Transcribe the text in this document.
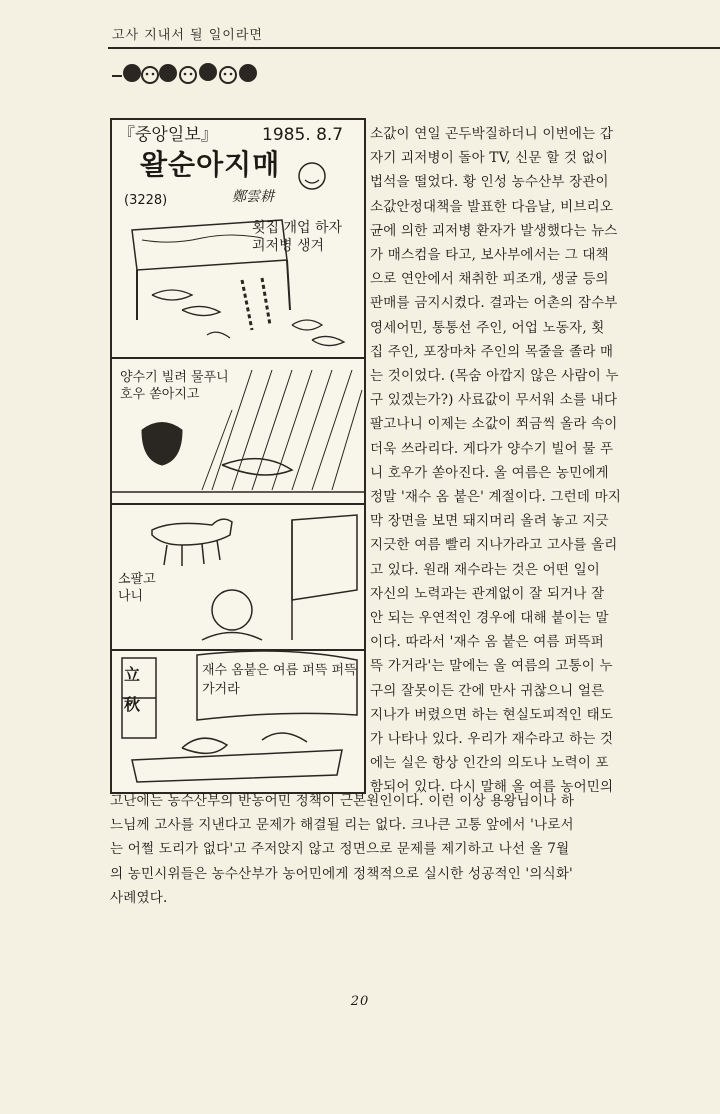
고사 지내서 될 일이라면
『중앙일보』	1985. 8.7
왈순아지매
(3228)	鄭雲耕
횟집 개업 하자 괴저병 생겨
양수기 빌려 물푸니 호우 쏟아지고
소팔고 나니
立秋
재수 옴붙은 여름 퍼뜩 퍼뜩 가거라
소값이 연일 곤두박질하더니 이번에는 갑
자기 괴저병이 돌아 TV, 신문 할 것 없이
법석을 떨었다. 황 인성 농수산부 장관이
소값안정대책을 발표한 다음날, 비브리오
균에 의한 괴저병 환자가 발생했다는 뉴스
가 매스컴을 타고, 보사부에서는 그 대책
으로 연안에서 채취한 피조개, 생굴 등의
판매를 금지시켰다. 결과는 어촌의 잠수부
영세어민, 통통선 주인, 어업 노동자, 횟
집 주인, 포장마차 주인의 목줄을 졸라 매
는 것이었다. (목숨 아깝지 않은 사람이 누
구 있겠는가?) 사료값이 무서워 소를 내다
팔고나니 이제는 소값이 쬐금씩 올라 속이
더욱 쓰라리다. 게다가 양수기 빌어 물 푸
니 호우가 쏟아진다. 올 여름은 농민에게
정말 '재수 옴 붙은' 계절이다. 그런데 마지
막 장면을 보면 돼지머리 올려 놓고 지긋
지긋한 여름 빨리 지나가라고 고사를 올리
고 있다. 원래 재수라는 것은 어떤 일이
자신의 노력과는 관계없이 잘 되거나 잘
안 되는 우연적인 경우에 대해 붙이는 말
이다. 따라서 '재수 옴 붙은 여름 퍼뜩퍼
뜩 가거라'는 말에는 올 여름의 고통이 누
구의 잘못이든 간에 만사 귀찮으니 얼른
지나가 버렸으면 하는 현실도피적인 태도
가 나타나 있다. 우리가 재수라고 하는 것
에는 실은 항상 인간의 의도나 노력이 포
함되어 있다. 다시 말해 올 여름 농어민의
고난에는 농수산부의 반농어민 정책이 근본원인이다. 이런 이상 용왕님이나 하
느님께 고사를 지낸다고 문제가 해결될 리는 없다. 크나큰 고통 앞에서 '나로서
는 어쩔 도리가 없다'고 주저앉지 않고 정면으로 문제를 제기하고 나선 올 7월
의 농민시위들은 농수산부가 농어민에게 정책적으로 실시한 성공적인 '의식화'
사례였다.
20
